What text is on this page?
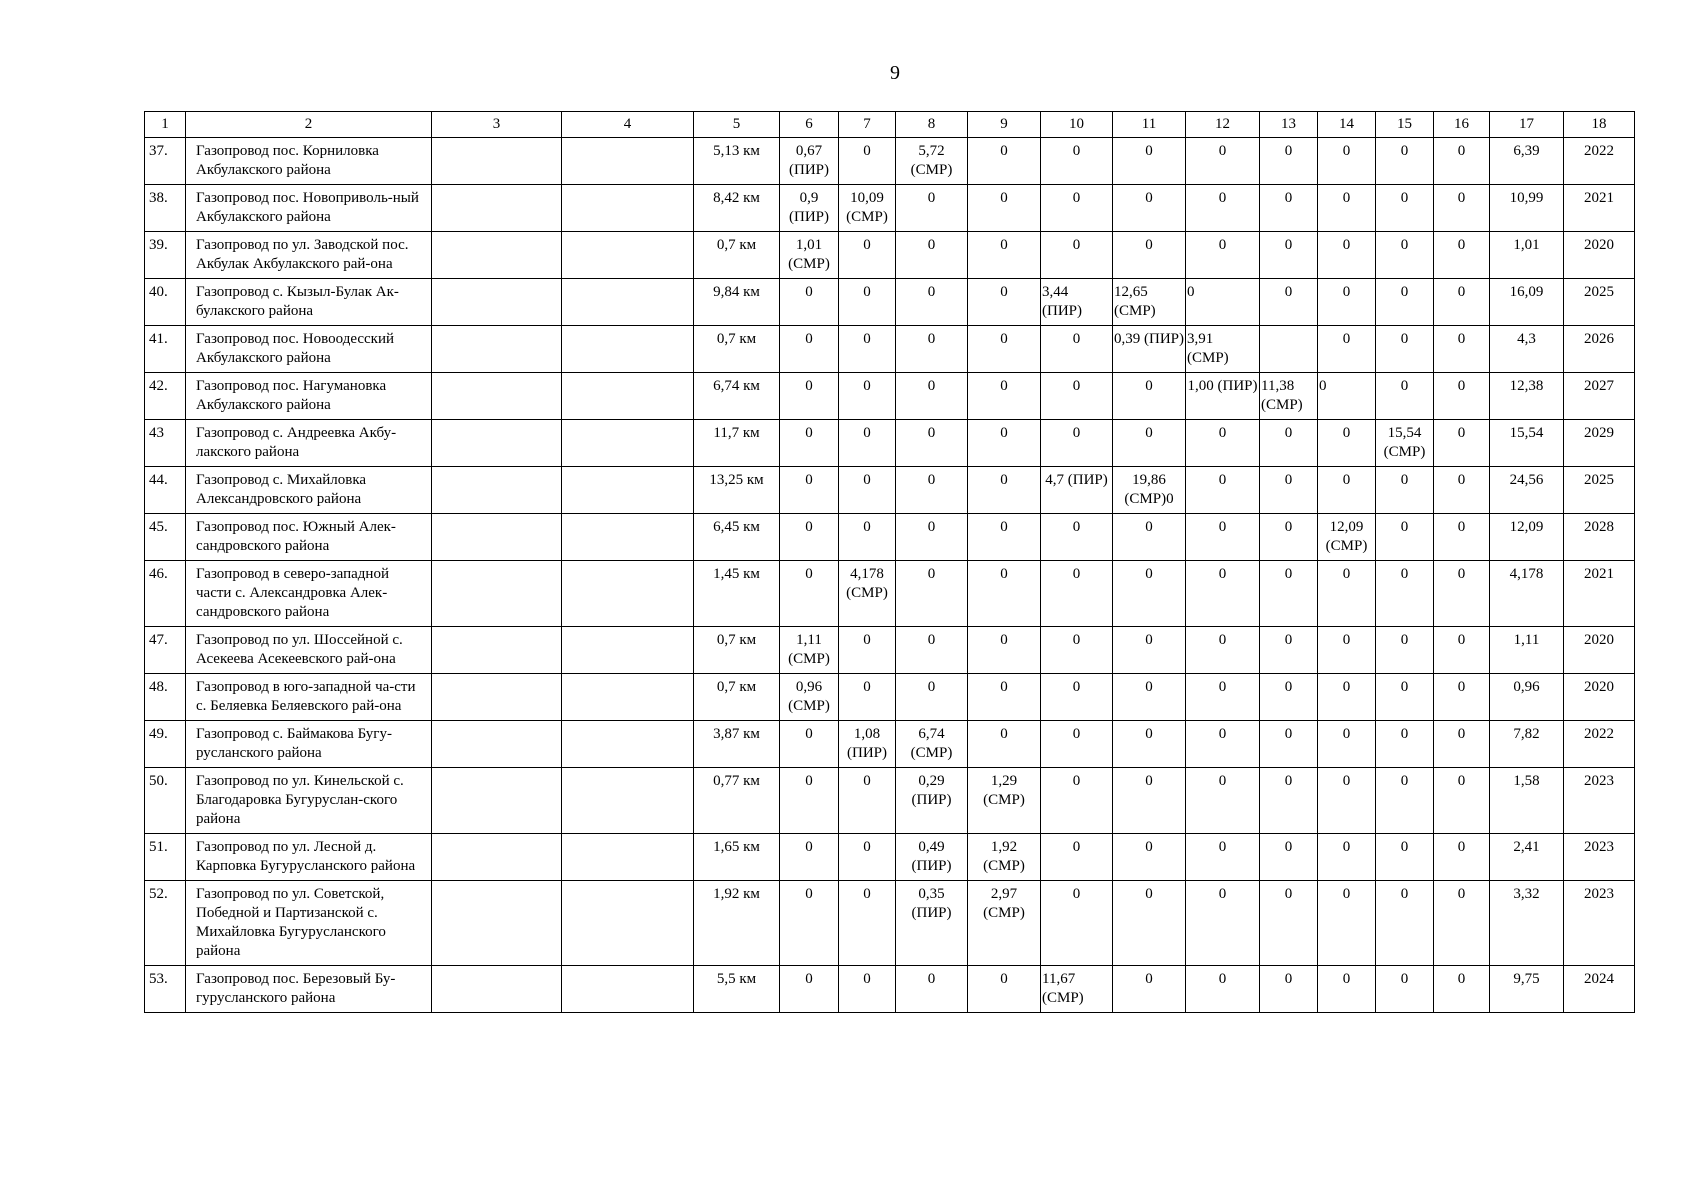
9
1	2	3	4	5	6	7	8	9	10	11	12	13	14	15	16	17	18
37.	Газопровод пос. Корниловка Акбулакского района			5,13 км	0,67 (ПИР)	0	5,72 (СМР)	0	0	0	0	0	0	0	0	6,39	2022
38.	Газопровод пос. Новоприволь-ный Акбулакского района			8,42 км	0,9 (ПИР)	10,09 (СМР)	0	0	0	0	0	0	0	0	0	10,99	2021
39.	Газопровод по ул. Заводской пос. Акбулак Акбулакского рай-она			0,7 км	1,01 (СМР)	0	0	0	0	0	0	0	0	0	0	1,01	2020
40.	Газопровод с. Кызыл-Булак Ак-булакского района			9,84 км	0	0	0	0	3,44 (ПИР)	12,65 (СМР)	0	0	0	0	0	16,09	2025
41.	Газопровод пос. Новоодесский Акбулакского района			0,7 км	0	0	0	0	0	0,39 (ПИР)	3,91 (СМР)		0	0	0	4,3	2026
42.	Газопровод пос. Нагумановка Акбулакского района			6,74 км	0	0	0	0	0	0	1,00 (ПИР)	11,38 (СМР)	0	0	0	12,38	2027
43	Газопровод с. Андреевка Акбу-лакского района			11,7 км	0	0	0	0	0	0	0	0	0	15,54 (СМР)	0	15,54	2029
44.	Газопровод с. Михайловка Александровского района			13,25 км	0	0	0	0	4,7 (ПИР)	19,86 (СМР)0	0	0	0	0	0	24,56	2025
45.	Газопровод пос. Южный Алек-сандровского района			6,45 км	0	0	0	0	0	0	0	0	12,09 (СМР)	0	0	12,09	2028
46.	Газопровод в северо-западной части с. Александровка Алек-сандровского района			1,45 км	0	4,178 (СМР)	0	0	0	0	0	0	0	0	0	4,178	2021
47.	Газопровод по ул. Шоссейной с. Асекеева Асекеевского рай-она			0,7 км	1,11 (СМР)	0	0	0	0	0	0	0	0	0	0	1,11	2020
48.	Газопровод в юго-западной ча-сти с. Беляевка Беляевского рай-она			0,7 км	0,96 (СМР)	0	0	0	0	0	0	0	0	0	0	0,96	2020
49.	Газопровод с. Баймакова Бугу-русланского района			3,87 км	0	1,08 (ПИР)	6,74 (СМР)	0	0	0	0	0	0	0	0	7,82	2022
50.	Газопровод по ул. Кинельской с. Благодаровка Бугуруслан-ского района			0,77 км	0	0	0,29 (ПИР)	1,29 (СМР)	0	0	0	0	0	0	0	1,58	2023
51.	Газопровод по ул. Лесной д. Карповка Бугурусланского района			1,65 км	0	0	0,49 (ПИР)	1,92 (СМР)	0	0	0	0	0	0	0	2,41	2023
52.	Газопровод по ул. Советской, Победной и Партизанской с. Михайловка Бугурусланского района			1,92 км	0	0	0,35 (ПИР)	2,97 (СМР)	0	0	0	0	0	0	0	3,32	2023
53.	Газопровод пос. Березовый Бу-гурусланского района			5,5 км	0	0	0	0	11,67 (СМР)	0	0	0	0	0	0	9,75	2024
